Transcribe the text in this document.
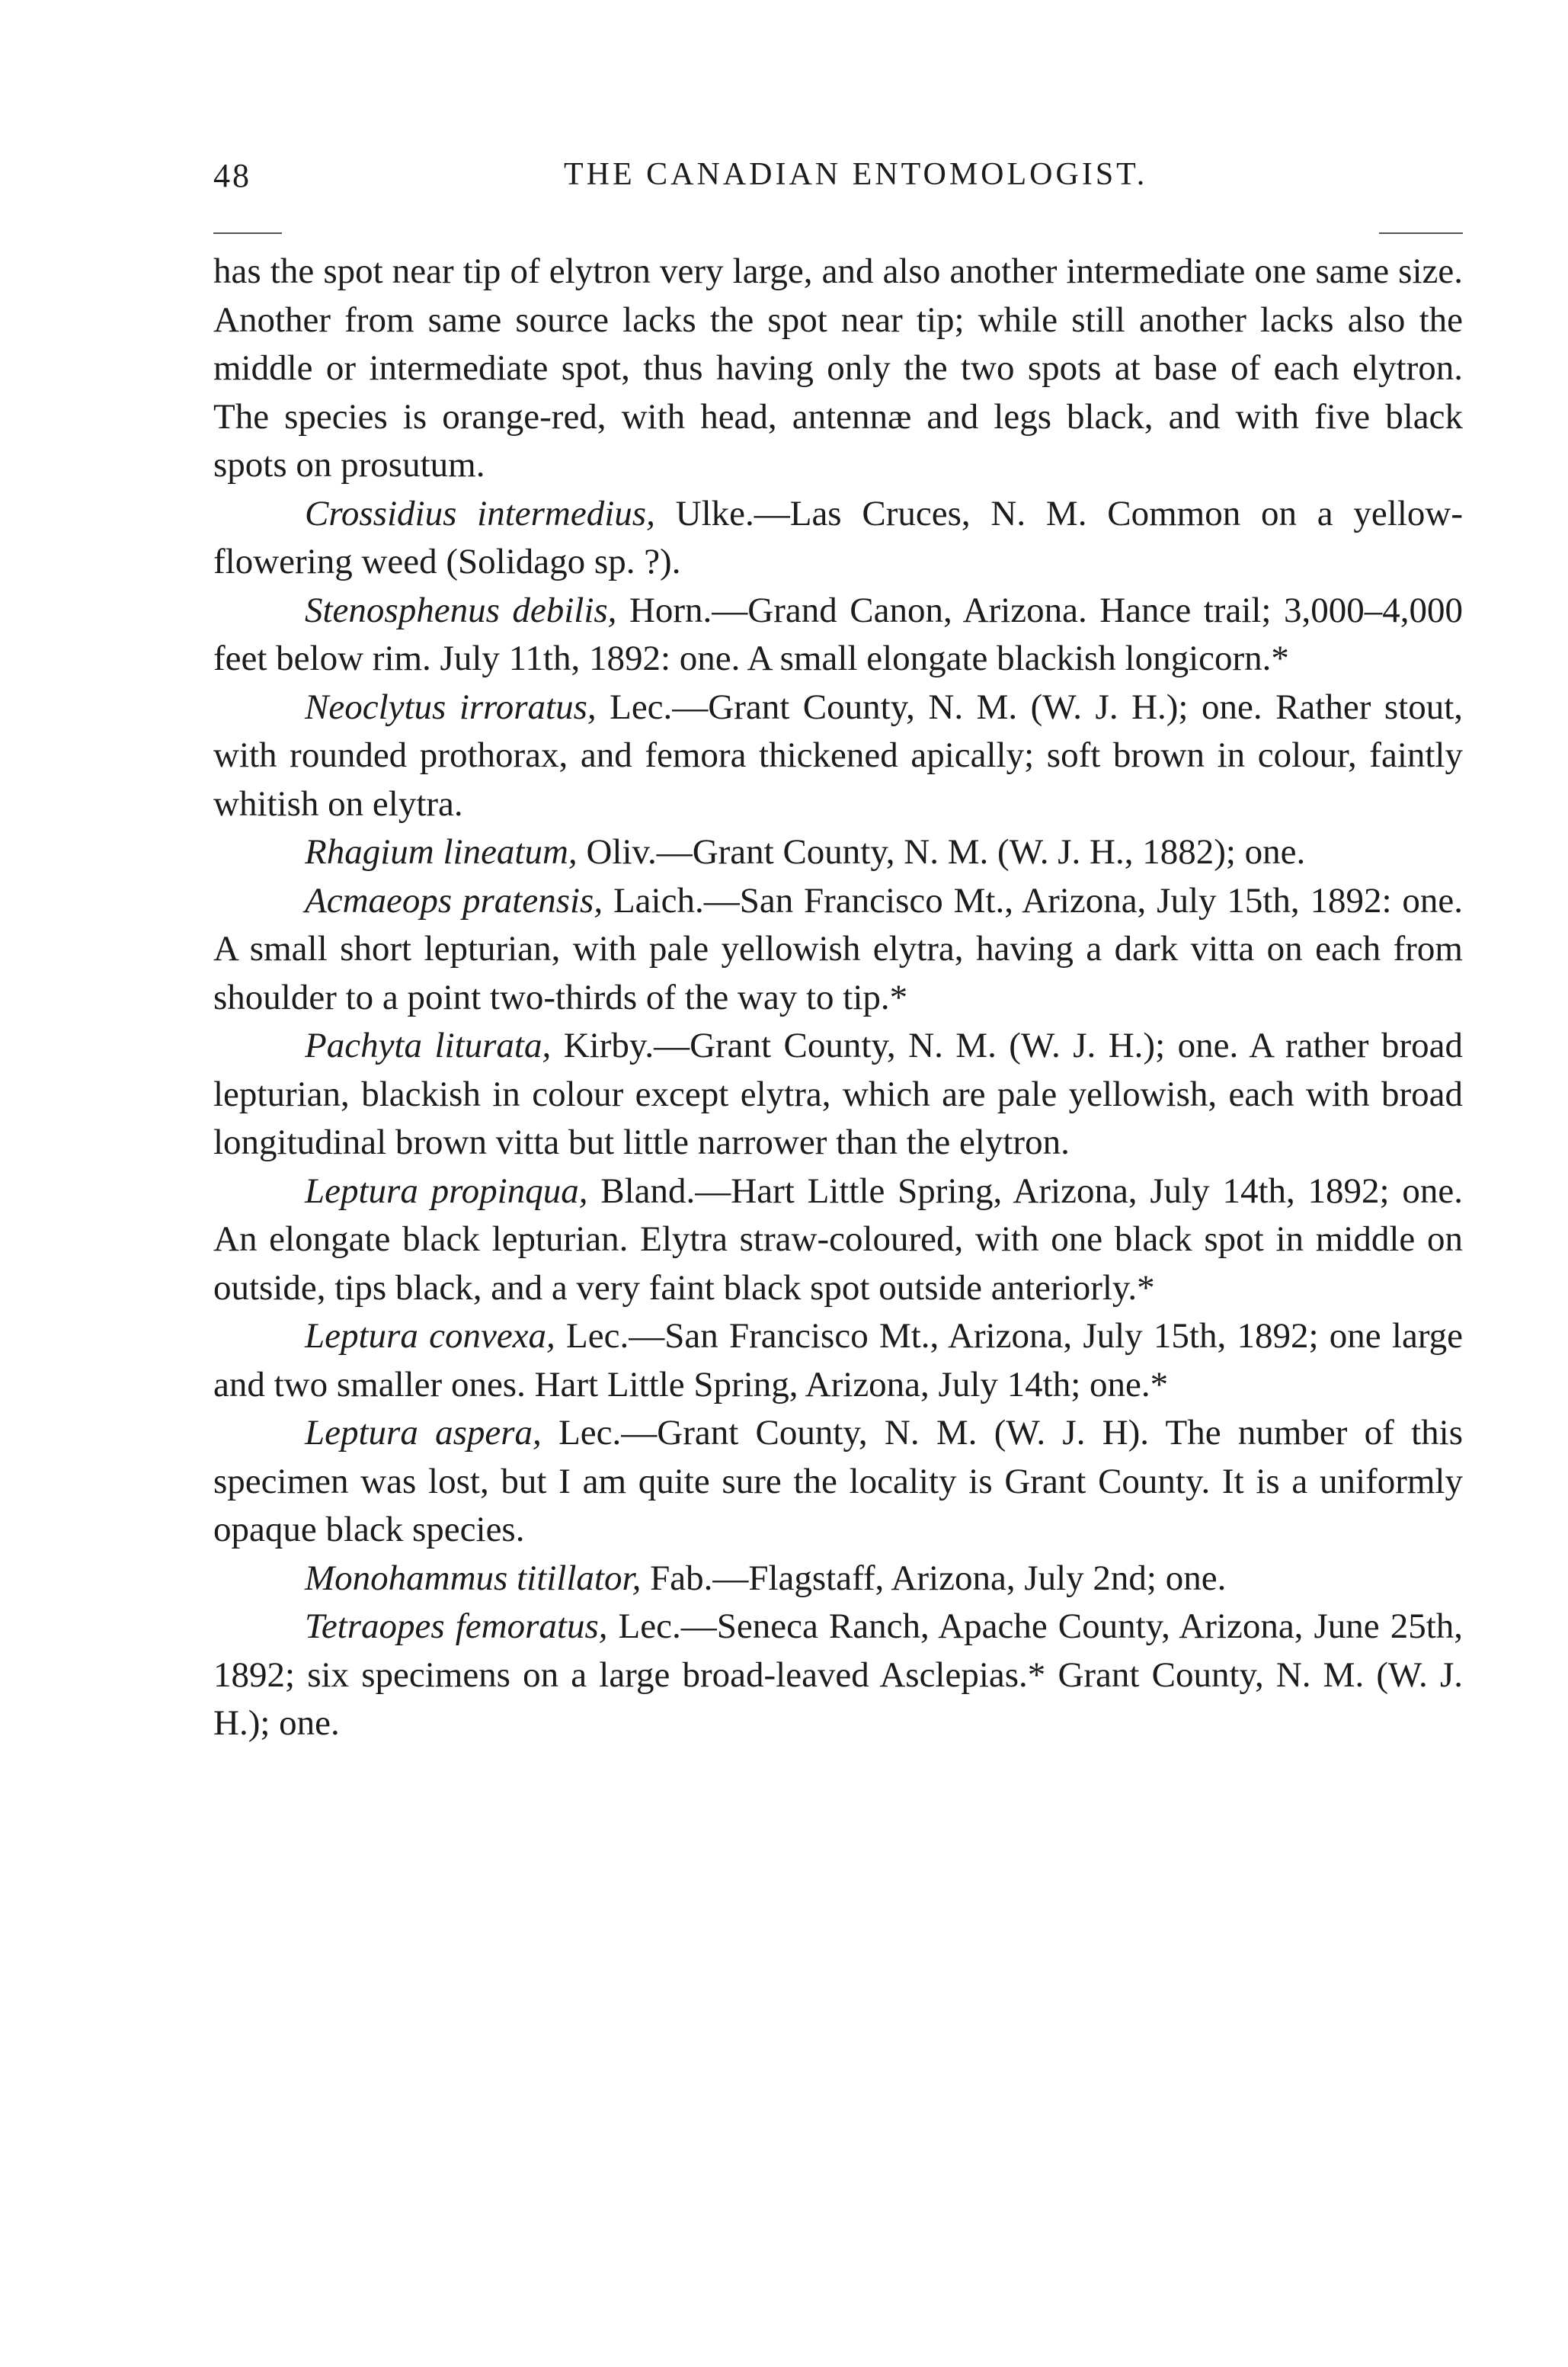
48	THE CANADIAN ENTOMOLOGIST.

has the spot near tip of elytron very large, and also another intermediate one same size. Another from same source lacks the spot near tip; while still another lacks also the middle or intermediate spot, thus having only the two spots at base of each elytron. The species is orange-red, with head, antennæ and legs black, and with five black spots on prosutum.

Crossidius intermedius, Ulke.—Las Cruces, N. M. Common on a yellow-flowering weed (Solidago sp. ?).

Stenosphenus debilis, Horn.—Grand Canon, Arizona. Hance trail; 3,000–4,000 feet below rim. July 11th, 1892: one. A small elongate blackish longicorn.*

Neoclytus irroratus, Lec.—Grant County, N. M. (W. J. H.); one. Rather stout, with rounded prothorax, and femora thickened apically; soft brown in colour, faintly whitish on elytra.

Rhagium lineatum, Oliv.—Grant County, N. M. (W. J. H., 1882); one.

Acmaeops pratensis, Laich.—San Francisco Mt., Arizona, July 15th, 1892: one. A small short lepturian, with pale yellowish elytra, having a dark vitta on each from shoulder to a point two-thirds of the way to tip.*

Pachyta liturata, Kirby.—Grant County, N. M. (W. J. H.); one. A rather broad lepturian, blackish in colour except elytra, which are pale yellowish, each with broad longitudinal brown vitta but little narrower than the elytron.

Leptura propinqua, Bland.—Hart Little Spring, Arizona, July 14th, 1892; one. An elongate black lepturian. Elytra straw-coloured, with one black spot in middle on outside, tips black, and a very faint black spot outside anteriorly.*

Leptura convexa, Lec.—San Francisco Mt., Arizona, July 15th, 1892; one large and two smaller ones. Hart Little Spring, Arizona, July 14th; one.*

Leptura aspera, Lec.—Grant County, N. M. (W. J. H). The number of this specimen was lost, but I am quite sure the locality is Grant County. It is a uniformly opaque black species.

Monohammus titillator, Fab.—Flagstaff, Arizona, July 2nd; one.

Tetraopes femoratus, Lec.—Seneca Ranch, Apache County, Arizona, June 25th, 1892; six specimens on a large broad-leaved Asclepias.* Grant County, N. M. (W. J. H.); one.
